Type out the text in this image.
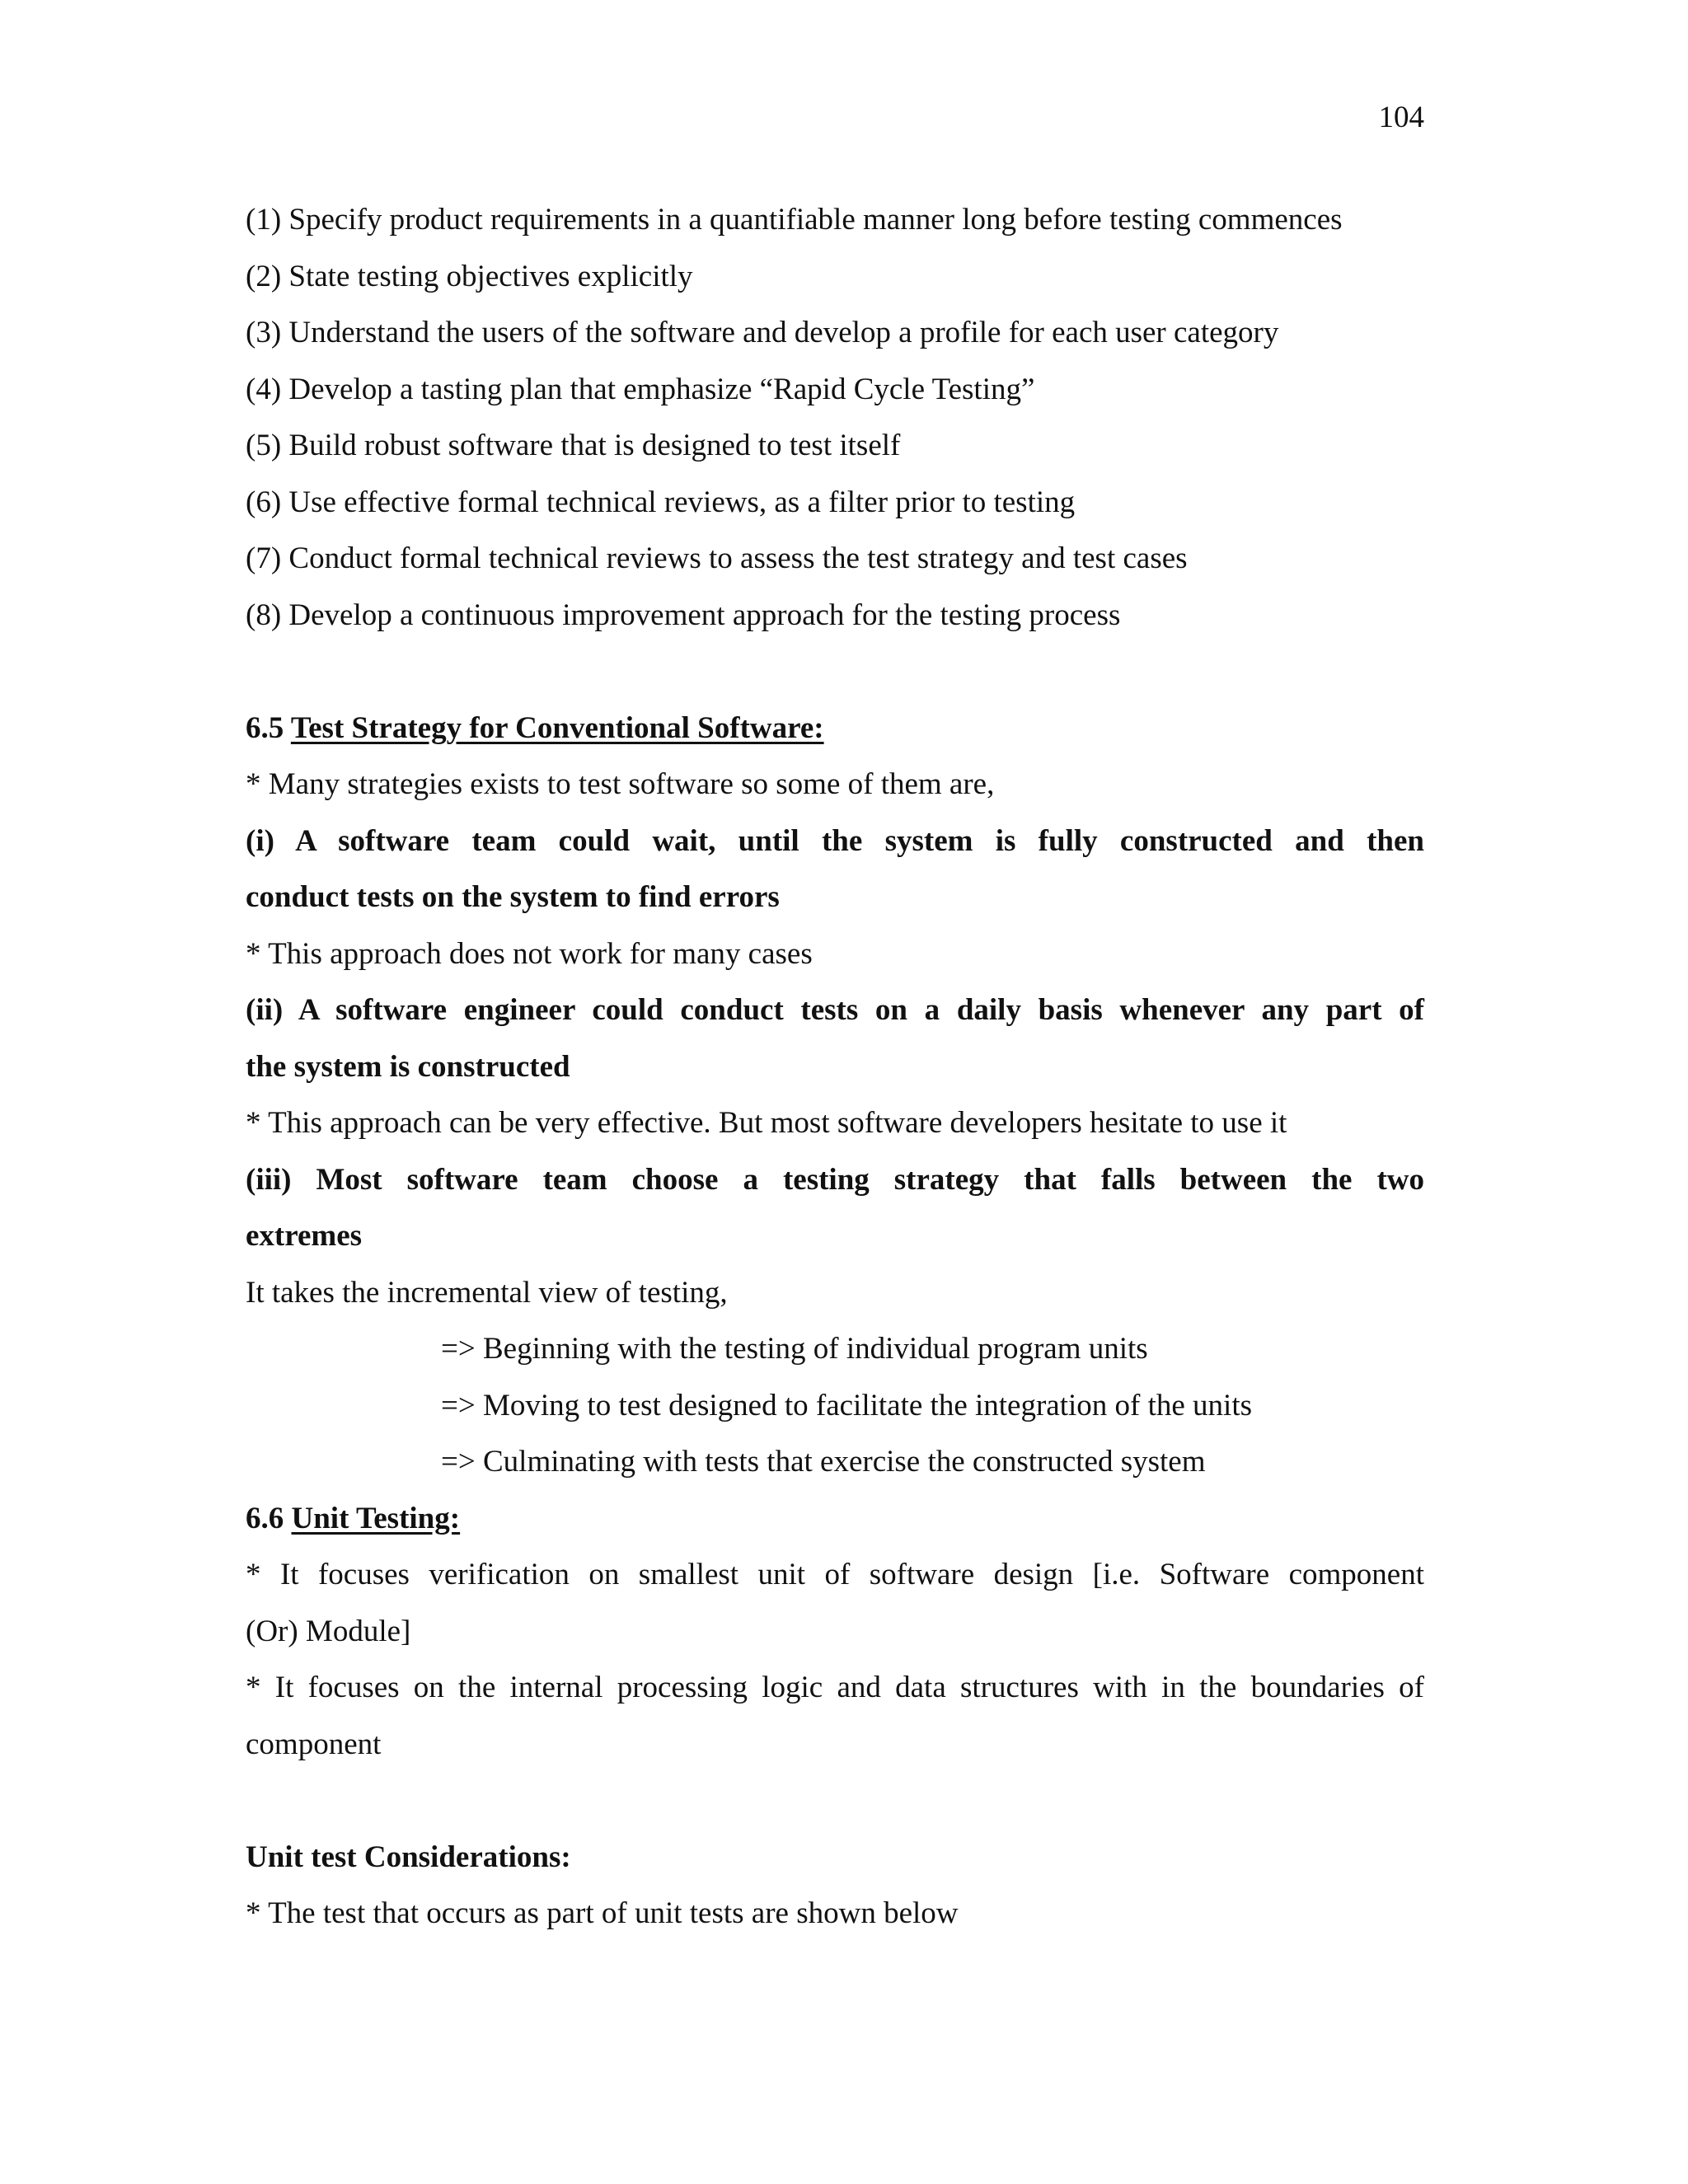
104
(1) Specify product requirements in a quantifiable manner long before testing commences
(2) State testing objectives explicitly
(3) Understand the users of the software and develop a profile for each user category
(4) Develop a tasting plan that emphasize “Rapid Cycle Testing”
(5) Build robust software that is designed to test itself
(6) Use effective formal technical reviews, as a filter prior to testing
(7) Conduct formal technical reviews to assess the test strategy and test cases
(8) Develop a continuous improvement approach for the testing process
6.5 Test Strategy for Conventional Software:
* Many strategies exists to test software so some of them are,
(i) A software team could wait, until the system is fully constructed and then
conduct tests on the system to find errors
* This approach does not work for many cases
(ii) A software engineer could conduct tests on a daily basis whenever any part of
the system is constructed
* This approach can be very effective. But most software developers hesitate to use it
(iii) Most software team choose a testing strategy that falls between the two
extremes
It takes the incremental view of testing,
=> Beginning with the testing of individual program units
=> Moving to test designed to facilitate the integration of the units
=> Culminating with tests that exercise the constructed system
6.6 Unit Testing:
* It focuses verification on smallest unit of software design [i.e. Software component
(Or) Module]
* It focuses on the internal processing logic and data structures with in the boundaries of
component
Unit test Considerations:
* The test that occurs as part of unit tests are shown below
